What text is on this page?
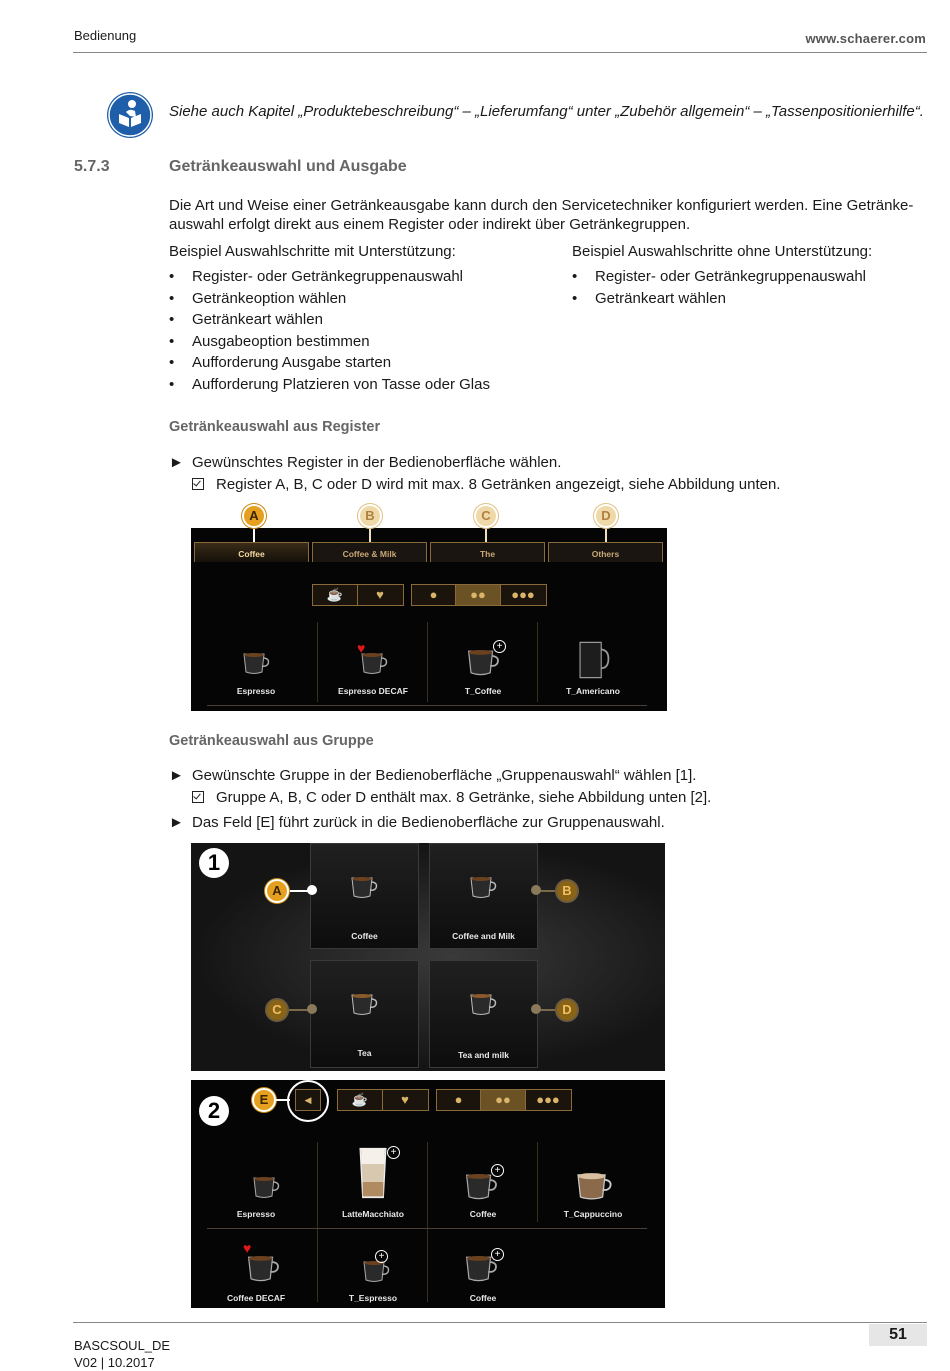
Bedienung	www.schaerer.com
Siehe auch Kapitel „Produktebeschreibung“ – „Lieferumfang“ unter „Zubehör allgemein“ – „Tassenpositionierhilfe“.
5.7.3	Getränkeauswahl und Ausgabe
Die Art und Weise einer Getränkeausgabe kann durch den Servicetechniker konfiguriert werden. Eine Getränkeauswahl erfolgt direkt aus einem Register oder indirekt über Getränkegruppen.
Beispiel Auswahlschritte mit Unterstützung:
• Register- oder Getränkegruppenauswahl
• Getränkeoption wählen
• Getränkeart wählen
• Ausgabeoption bestimmen
• Aufforderung Ausgabe starten
• Aufforderung Platzieren von Tasse oder Glas
Beispiel Auswahlschritte ohne Unterstützung:
• Register- oder Getränkegruppenauswahl
• Getränkeart wählen
Getränkeauswahl aus Register
► Gewünschtes Register in der Bedienoberfläche wählen.
Register A, B, C oder D wird mit max. 8 Getränken angezeigt, siehe Abbildung unten.
A	B	C	D
Coffee	Coffee & Milk	The	Others
☕	♥	●	●● ●●●
Espresso
♥
Espresso DECAF
+
T_Coffee	T_Americano
Getränkeauswahl aus Gruppe
► Gewünschte Gruppe in der Bedienoberfläche „Gruppenauswahl“ wählen [1].
Gruppe A, B, C oder D enthält max. 8 Getränke, siehe Abbildung unten [2].
► Das Feld [E] führt zurück in die Bedienoberfläche zur Gruppenauswahl.
1
Coffee	Coffee and Milk
Tea	Tea and milk
A	B
C	D
2	E	◀	☕	♥	●	●● ●●●
Espresso
+
LatteMacchiato
+
Coffee	T_Cappuccino
♥
Coffee DECAF
+
T_Espresso
+
Coffee
BASCSOUL_DE
V02 | 10.2017
51
